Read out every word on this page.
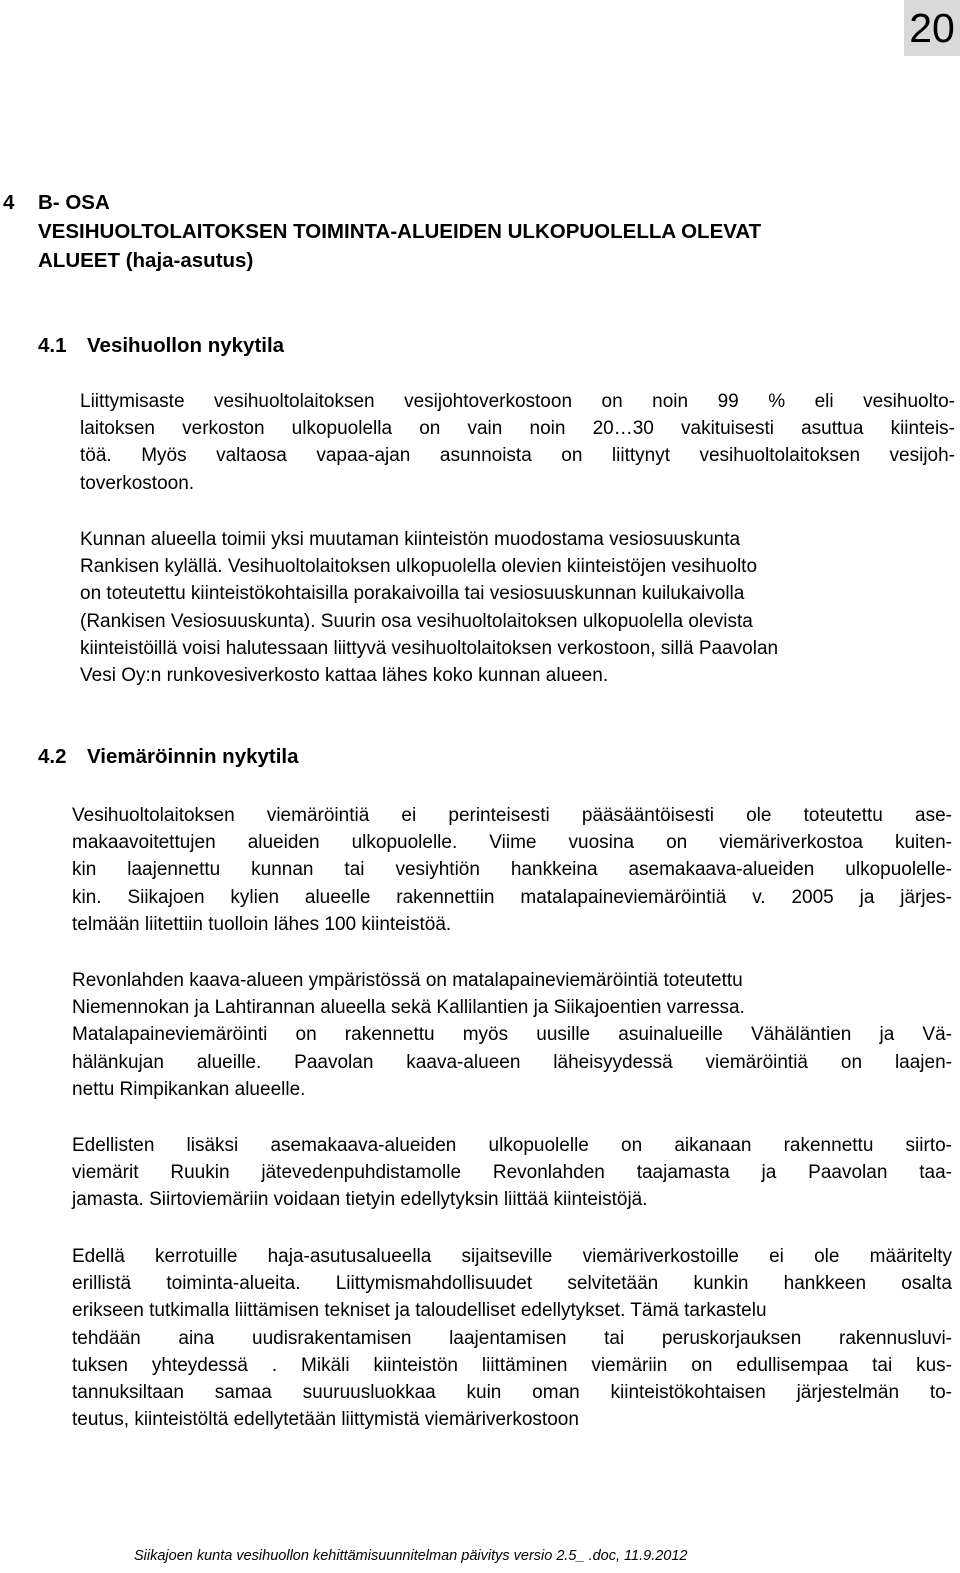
20
4 B- OSA
VESIHUOLTOLAITOKSEN TOIMINTA-ALUEIDEN ULKOPUOLELLA OLEVAT
ALUEET (haja-asutus)
4.1 Vesihuollon nykytila
Liittymisaste vesihuoltolaitoksen vesijohtoverkostoon on noin 99 % eli vesihuolto-
laitoksen verkoston ulkopuolella on vain noin 20…30 vakituisesti asuttua kiinteis-
töä. Myös valtaosa vapaa-ajan asunnoista on liittynyt vesihuoltolaitoksen vesijoh-
toverkostoon.
Kunnan alueella toimii yksi muutaman kiinteistön muodostama vesiosuuskunta
Rankisen kylällä. Vesihuoltolaitoksen ulkopuolella olevien kiinteistöjen vesihuolto
on toteutettu kiinteistökohtaisilla porakaivoilla tai vesiosuuskunnan kuilukaivolla
(Rankisen Vesiosuuskunta). Suurin osa vesihuoltolaitoksen ulkopuolella olevista
kiinteistöillä voisi halutessaan liittyvä vesihuoltolaitoksen verkostoon, sillä Paavolan
Vesi Oy:n runkovesiverkosto kattaa lähes koko kunnan alueen.
4.2 Viemäröinnin nykytila
Vesihuoltolaitoksen viemäröintiä ei perinteisesti pääsääntöisesti ole toteutettu ase-
makaavoitettujen alueiden ulkopuolelle. Viime vuosina on viemäriverkostoa kuiten-
kin laajennettu kunnan tai vesiyhtiön hankkeina asemakaava-alueiden ulkopuolelle-
kin. Siikajoen kylien alueelle rakennettiin matalapaineviemäröintiä v. 2005 ja järjes-
telmään liitettiin tuolloin lähes 100 kiinteistöä.
Revonlahden kaava-alueen ympäristössä on matalapaineviemäröintiä toteutettu
Niemennokan ja Lahtirannan alueella sekä Kallilantien ja Siikajoentien varressa.
Matalapaineviemäröinti on rakennettu myös uusille asuinalueille Vähäläntien ja Vä-
hälänkujan alueille. Paavolan kaava-alueen läheisyydessä viemäröintiä on laajen-
nettu Rimpikankan alueelle.
Edellisten lisäksi asemakaava-alueiden ulkopuolelle on aikanaan rakennettu siirto-
viemärit Ruukin jätevedenpuhdistamolle Revonlahden taajamasta ja Paavolan taa-
jamasta. Siirtoviemäriin voidaan tietyin edellytyksin liittää kiinteistöjä.
Edellä kerrotuille haja-asutusalueella sijaitseville viemäriverkostoille ei ole määritelty
erillistä toiminta-alueita. Liittymismahdollisuudet selvitetään kunkin hankkeen osalta
erikseen tutkimalla liittämisen tekniset ja taloudelliset edellytykset. Tämä tarkastelu
tehdään aina uudisrakentamisen laajentamisen tai peruskorjauksen rakennusluvi-
tuksen yhteydessä . Mikäli kiinteistön liittäminen viemäriin on edullisempaa tai kus-
tannuksiltaan samaa suuruusluokkaa kuin oman kiinteistökohtaisen järjestelmän to-
teutus, kiinteistöltä edellytetään liittymistä viemäriverkostoon
Siikajoen kunta vesihuollon kehittämisuunnitelman päivitys versio 2.5_ .doc, 11.9.2012
